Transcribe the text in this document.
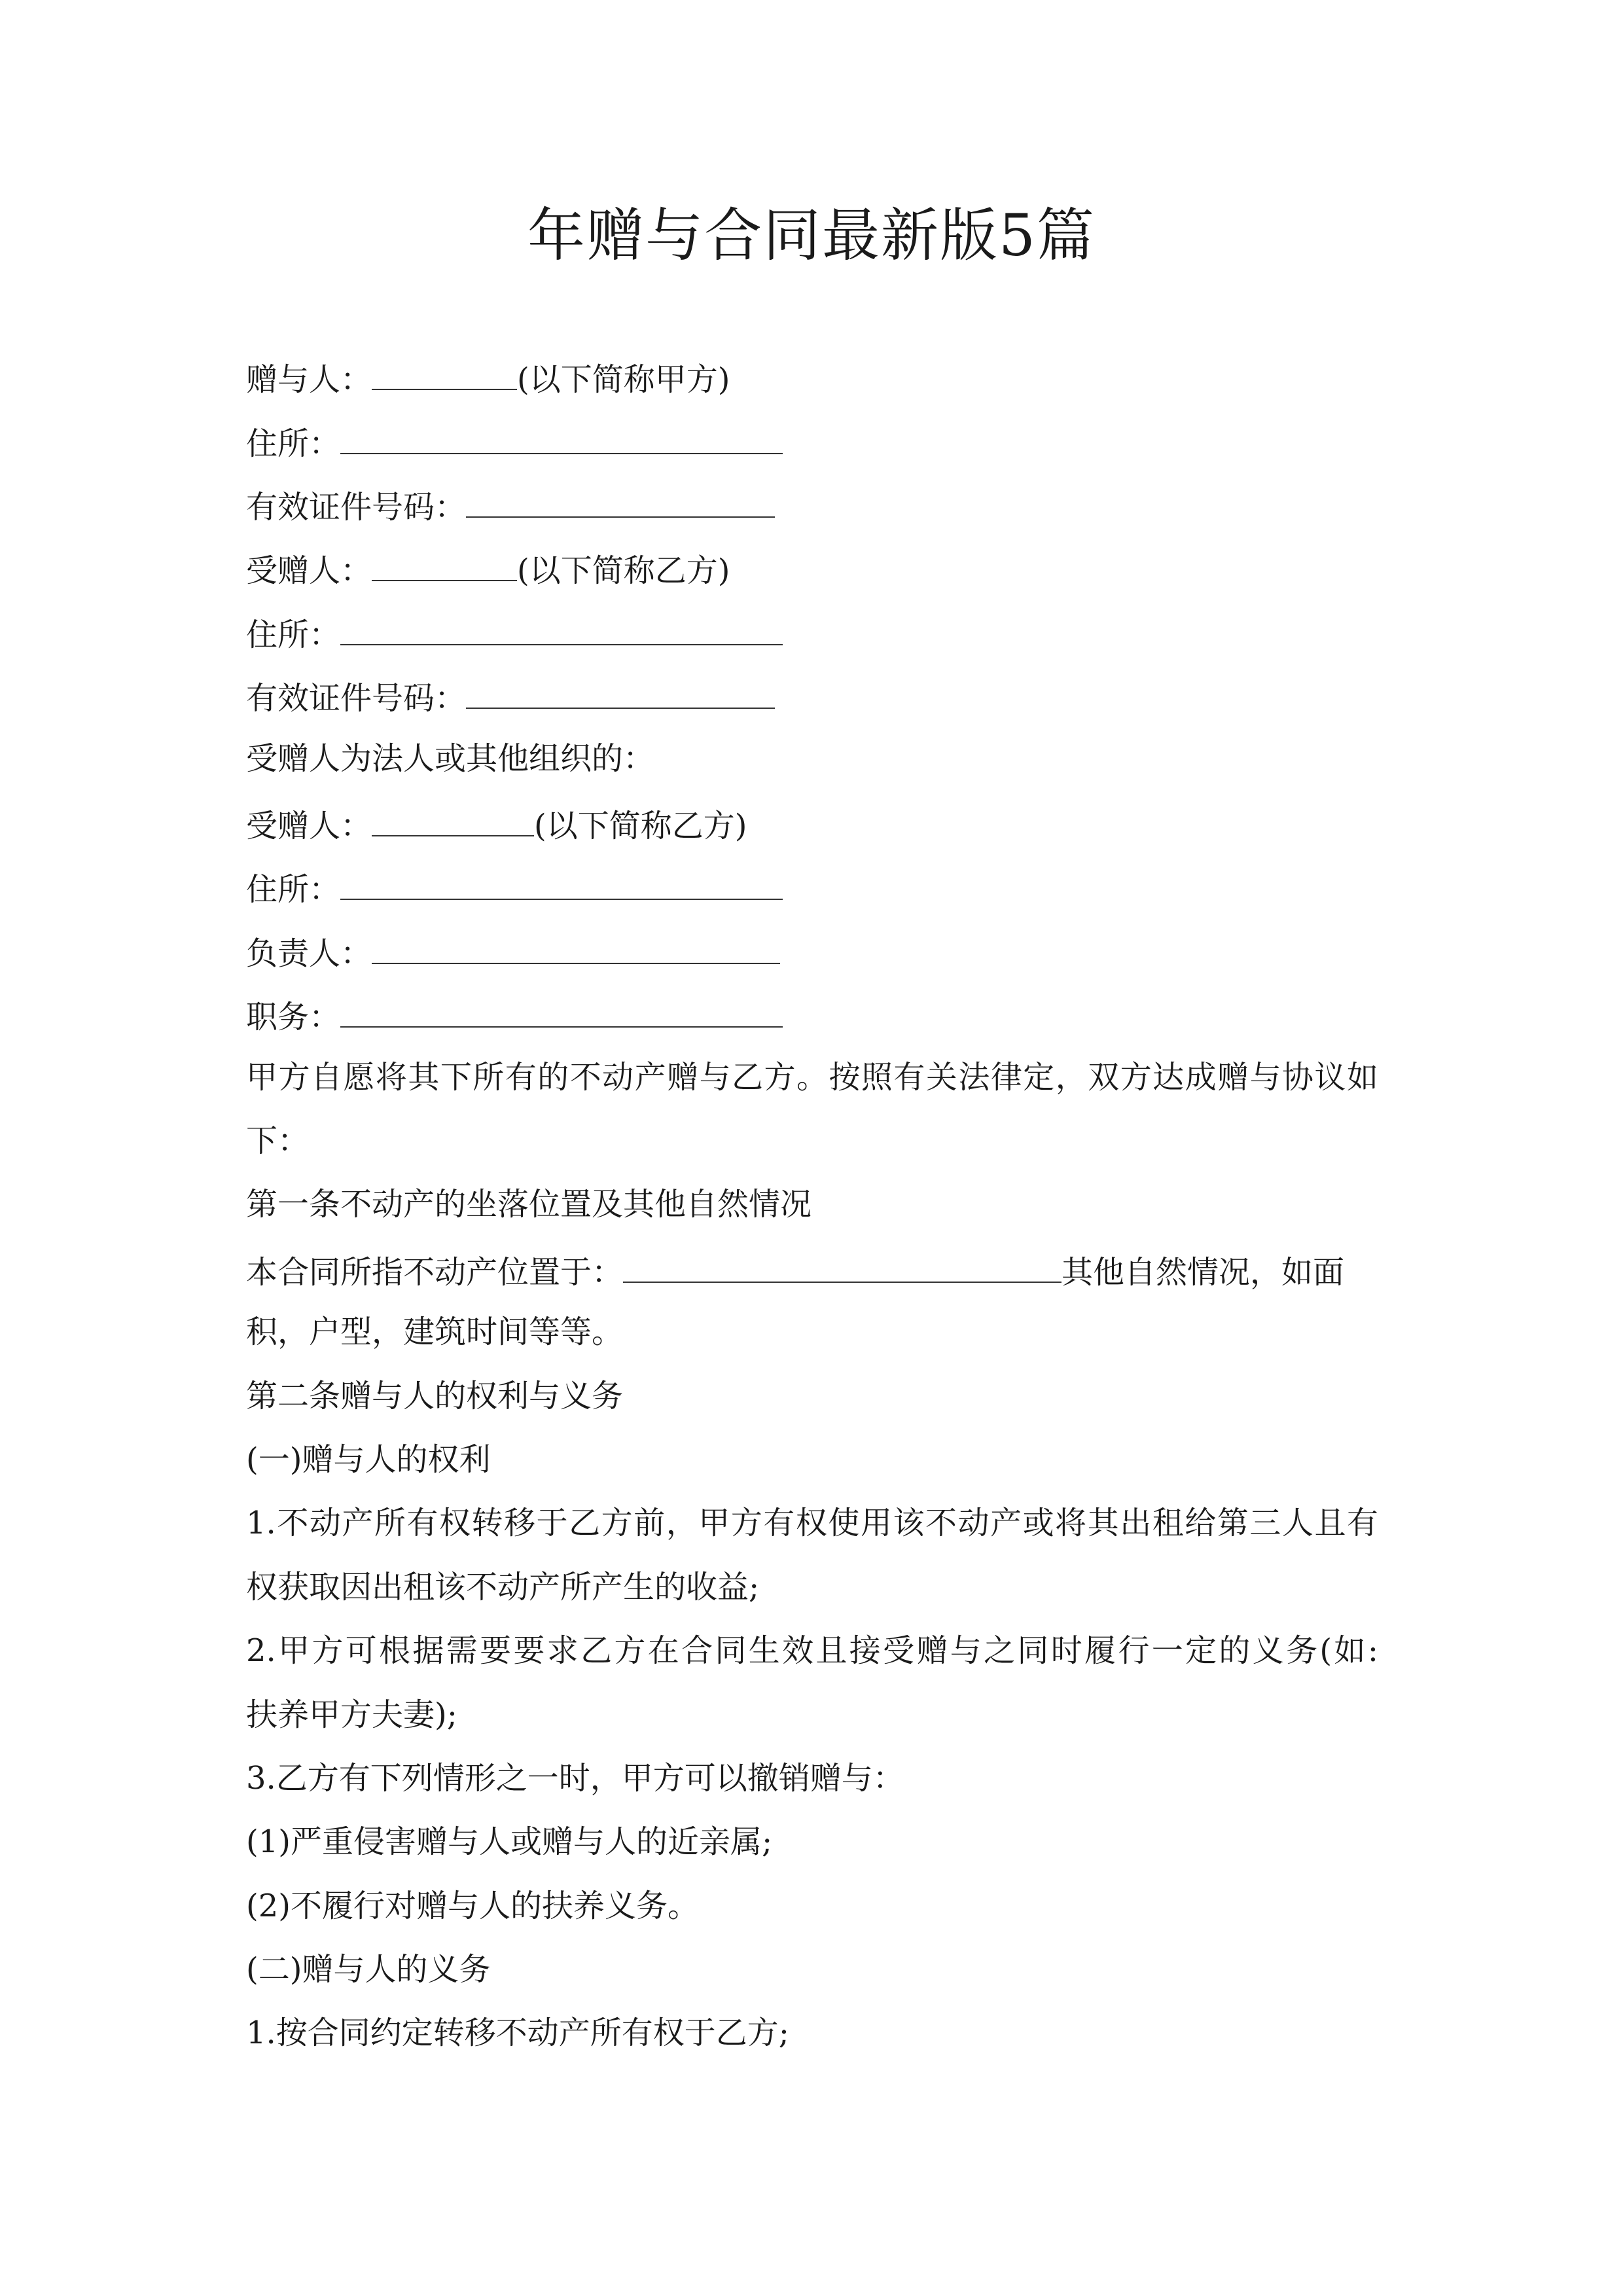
年赠与合同最新版5篇
赠与人：	(以下简称甲方)
住所：
有效证件号码：
受赠人：	(以下简称乙方)
住所：
有效证件号码：
受赠人为法人或其他组织的：
受赠人：	(以下简称乙方)
住所：
负责人：
职务：
甲方自愿将其下所有的不动产赠与乙方。按照有关法律定，双方达成赠与协议如
下：
第一条不动产的坐落位置及其他自然情况
本合同所指不动产位置于：	其他自然情况，如面
积，户型，建筑时间等等。
第二条赠与人的权利与义务
(一)赠与人的权利
1.不动产所有权转移于乙方前，甲方有权使用该不动产或将其出租给第三人且有
权获取因出租该不动产所产生的收益;
2.甲方可根据需要要求乙方在合同生效且接受赠与之同时履行一定的义务(如:
扶养甲方夫妻);
3.乙方有下列情形之一时，甲方可以撤销赠与：
(1)严重侵害赠与人或赠与人的近亲属;
(2)不履行对赠与人的扶养义务。
(二)赠与人的义务
1.按合同约定转移不动产所有权于乙方;
